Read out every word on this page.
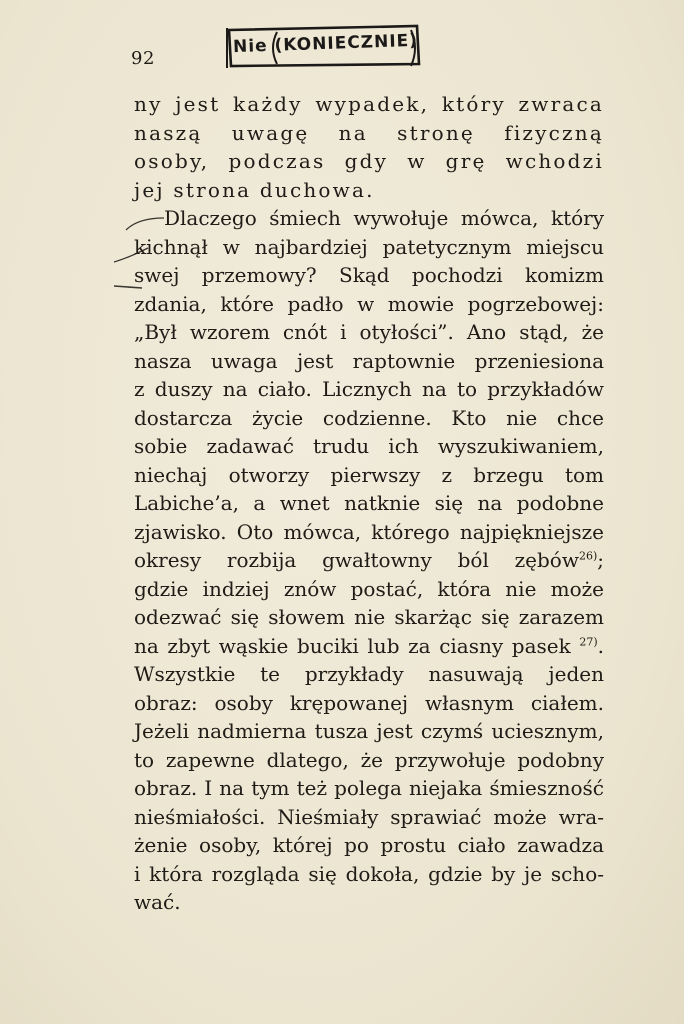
92
Nie (KONIECZNIE)
ny jest każdy wypadek, który zwraca
naszą uwagę na stronę fizyczną
osoby, podczas gdy w grę wchodzi
jej strona duchowa.
Dlaczego śmiech wywołuje mówca, który
kichnął w najbardziej patetycznym miejscu
swej przemowy? Skąd pochodzi komizm
zdania, które padło w mowie pogrzebowej:
„Był wzorem cnót i otyłości”. Ano stąd, że
nasza uwaga jest raptownie przeniesiona
z duszy na ciało. Licznych na to przykładów
dostarcza życie codzienne. Kto nie chce
sobie zadawać trudu ich wyszukiwaniem,
niechaj otworzy pierwszy z brzegu tom
Labiche’a, a wnet natknie się na podobne
zjawisko. Oto mówca, którego najpiękniejsze
okresy rozbija gwałtowny ból zębów$^{26)}$;
gdzie indziej znów postać, która nie może
odezwać się słowem nie skarżąc się zarazem
na zbyt wąskie buciki lub za ciasny pasek $^{27)}$.
Wszystkie te przykłady nasuwają jeden
obraz: osoby krępowanej własnym ciałem.
Jeżeli nadmierna tusza jest czymś uciesznym,
to zapewne dlatego, że przywołuje podobny
obraz. I na tym też polega niejaka śmieszność
nieśmiałości. Nieśmiały sprawiać może wra-
żenie osoby, której po prostu ciało zawadza
i która rozgląda się dokoła, gdzie by je scho-
wać.
